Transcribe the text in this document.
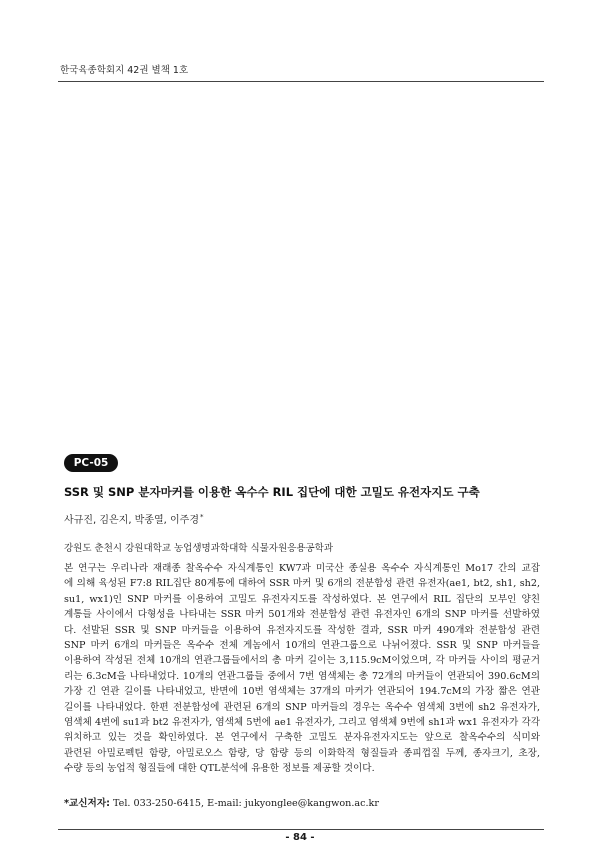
한국육종학회지 42권 별책 1호
PC-05
SSR 및 SNP 분자마커를 이용한 옥수수 RIL 집단에 대한 고밀도 유전자지도 구축
사규진, 김은지, 박종열, 이주경*
강원도 춘천시 강원대학교 농업생명과학대학 식물자원응용공학과
본 연구는 우리나라 재래종 찰옥수수 자식계통인 KW7과 미국산 종실용 옥수수 자식계통인 Mo17 간의 교잡
에 의해 육성된 F7:8 RIL집단 80계통에 대하여 SSR 마커 및 6개의 전분합성 관련 유전자(ae1, bt2, sh1, sh2,
su1, wx1)인 SNP 마커를 이용하여 고밀도 유전자지도를 작성하였다. 본 연구에서 RIL 집단의 모부인 양친
계통들 사이에서 다형성을 나타내는 SSR 마커 501개와 전분합성 관련 유전자인 6개의 SNP 마커를 선발하였
다. 선발된 SSR 및 SNP 마커들을 이용하여 유전자지도를 작성한 결과, SSR 마커 490개와 전분합성 관련
SNP 마커 6개의 마커들은 옥수수 전체 게놈에서 10개의 연관그룹으로 나뉘어졌다. SSR 및 SNP 마커들을
이용하여 작성된 전체 10개의 연관그룹들에서의 총 마커 길이는 3,115.9cM이었으며, 각 마커들 사이의 평균거
리는 6.3cM을 나타내었다. 10개의 연관그룹들 중에서 7번 염색체는 총 72개의 마커들이 연관되어 390.6cM의
가장 긴 연관 길이를 나타내었고, 반면에 10번 염색체는 37개의 마커가 연관되어 194.7cM의 가장 짧은 연관
길이를 나타내었다. 한편 전분합성에 관련된 6개의 SNP 마커들의 경우는 옥수수 염색체 3번에 sh2 유전자가,
염색체 4번에 su1과 bt2 유전자가, 염색체 5번에 ae1 유전자가, 그리고 염색체 9번에 sh1과 wx1 유전자가 각각
위치하고 있는 것을 확인하였다. 본 연구에서 구축한 고밀도 분자유전자지도는 앞으로 찰옥수수의 식미와
관련된 아밀로펙틴 함량, 아밀로오스 함량, 당 함량 등의 이화학적 형질들과 종피껍질 두께, 종자크기, 초장,
수량 등의 농업적 형질들에 대한 QTL분석에 유용한 정보를 제공할 것이다.
*교신저자: Tel. 033-250-6415, E-mail: jukyonglee@kangwon.ac.kr
- 84 -
